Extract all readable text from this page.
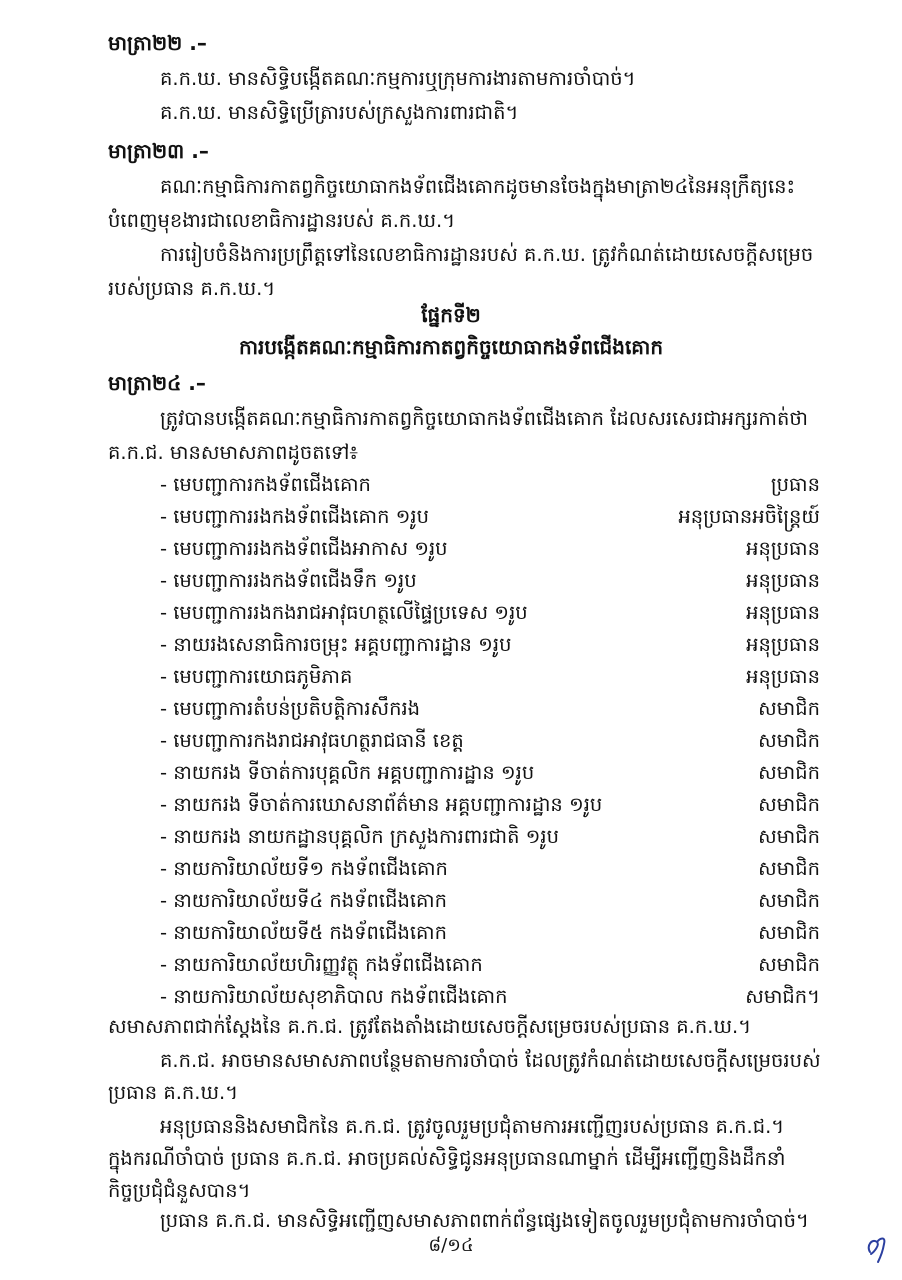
មាត្រា២២ .–
គ.ក.ឃ. មានសិទ្ធិបង្កើតគណៈកម្មការឬក្រុមការងារតាមការចាំបាច់។
គ.ក.ឃ. មានសិទ្ធិប្រើត្រារបស់ក្រសួងការពារជាតិ។
មាត្រា២៣ .–
គណៈកម្មាធិការកាតព្វកិច្ចយោធាកងទ័ពជើងគោកដូចមានចែងក្នុងមាត្រា២៤នៃអនុក្រឹត្យនេះ
បំពេញមុខងារជាលេខាធិការដ្ឋានរបស់ គ.ក.ឃ.។
ការរៀបចំនិងការប្រព្រឹត្តទៅនៃលេខាធិការដ្ឋានរបស់ គ.ក.ឃ. ត្រូវកំណត់ដោយសេចក្តីសម្រេច
របស់ប្រធាន គ.ក.ឃ.។
ផ្នែកទី២
ការបង្កើតគណៈកម្មាធិការកាតព្វកិច្ចយោធាកងទ័ពជើងគោក
មាត្រា២៤ .–
ត្រូវបានបង្កើតគណៈកម្មាធិការកាតព្វកិច្ចយោធាកងទ័ពជើងគោក ដែលសរសេរជាអក្សរកាត់ថា
គ.ក.ជ. មានសមាសភាពដូចតទៅ៖
- មេបញ្ជាការកងទ័ពជើងគោក	ប្រធាន
- មេបញ្ជាការរងកងទ័ពជើងគោក ១រូប	អនុប្រធានអចិន្ត្រៃយ៍
- មេបញ្ជាការរងកងទ័ពជើងអាកាស ១រូប	អនុប្រធាន
- មេបញ្ជាការរងកងទ័ពជើងទឹក ១រូប	អនុប្រធាន
- មេបញ្ជាការរងកងរាជអាវុធហត្ថលើផ្ទៃប្រទេស ១រូប	អនុប្រធាន
- នាយរងសេនាធិការចម្រុះ អគ្គបញ្ជាការដ្ឋាន ១រូប	អនុប្រធាន
- មេបញ្ជាការយោធភូមិភាគ	អនុប្រធាន
- មេបញ្ជាការតំបន់ប្រតិបត្តិការសឹករង	សមាជិក
- មេបញ្ជាការកងរាជអាវុធហត្ថរាជធានី ខេត្ត	សមាជិក
- នាយករង ទីចាត់ការបុគ្គលិក អគ្គបញ្ជាការដ្ឋាន ១រូប	សមាជិក
- នាយករង ទីចាត់ការឃោសនាព័ត៌មាន អគ្គបញ្ជាការដ្ឋាន ១រូប	សមាជិក
- នាយករង នាយកដ្ឋានបុគ្គលិក ក្រសួងការពារជាតិ ១រូប	សមាជិក
- នាយការិយាល័យទី១ កងទ័ពជើងគោក	សមាជិក
- នាយការិយាល័យទី៤ កងទ័ពជើងគោក	សមាជិក
- នាយការិយាល័យទី៥ កងទ័ពជើងគោក	សមាជិក
- នាយការិយាល័យហិរញ្ញវត្ថុ កងទ័ពជើងគោក	សមាជិក
- នាយការិយាល័យសុខាភិបាល កងទ័ពជើងគោក	សមាជិក។
សមាសភាពជាក់ស្តែងនៃ គ.ក.ជ. ត្រូវតែងតាំងដោយសេចក្តីសម្រេចរបស់ប្រធាន គ.ក.ឃ.។
គ.ក.ជ. អាចមានសមាសភាពបន្ថែមតាមការចាំបាច់ ដែលត្រូវកំណត់ដោយសេចក្តីសម្រេចរបស់
ប្រធាន គ.ក.ឃ.។
អនុប្រធាននិងសមាជិកនៃ គ.ក.ជ. ត្រូវចូលរួមប្រជុំតាមការអញ្ជើញរបស់ប្រធាន គ.ក.ជ.។
ក្នុងករណីចាំបាច់ ប្រធាន គ.ក.ជ. អាចប្រគល់សិទ្ធិជូនអនុប្រធានណាម្នាក់ ដើម្បីអញ្ជើញនិងដឹកនាំ
កិច្ចប្រជុំជំនួសបាន។
ប្រធាន គ.ក.ជ. មានសិទ្ធិអញ្ជើញសមាសភាពពាក់ព័ន្ធផ្សេងទៀតចូលរួមប្រជុំតាមការចាំបាច់។
៨/១៤
